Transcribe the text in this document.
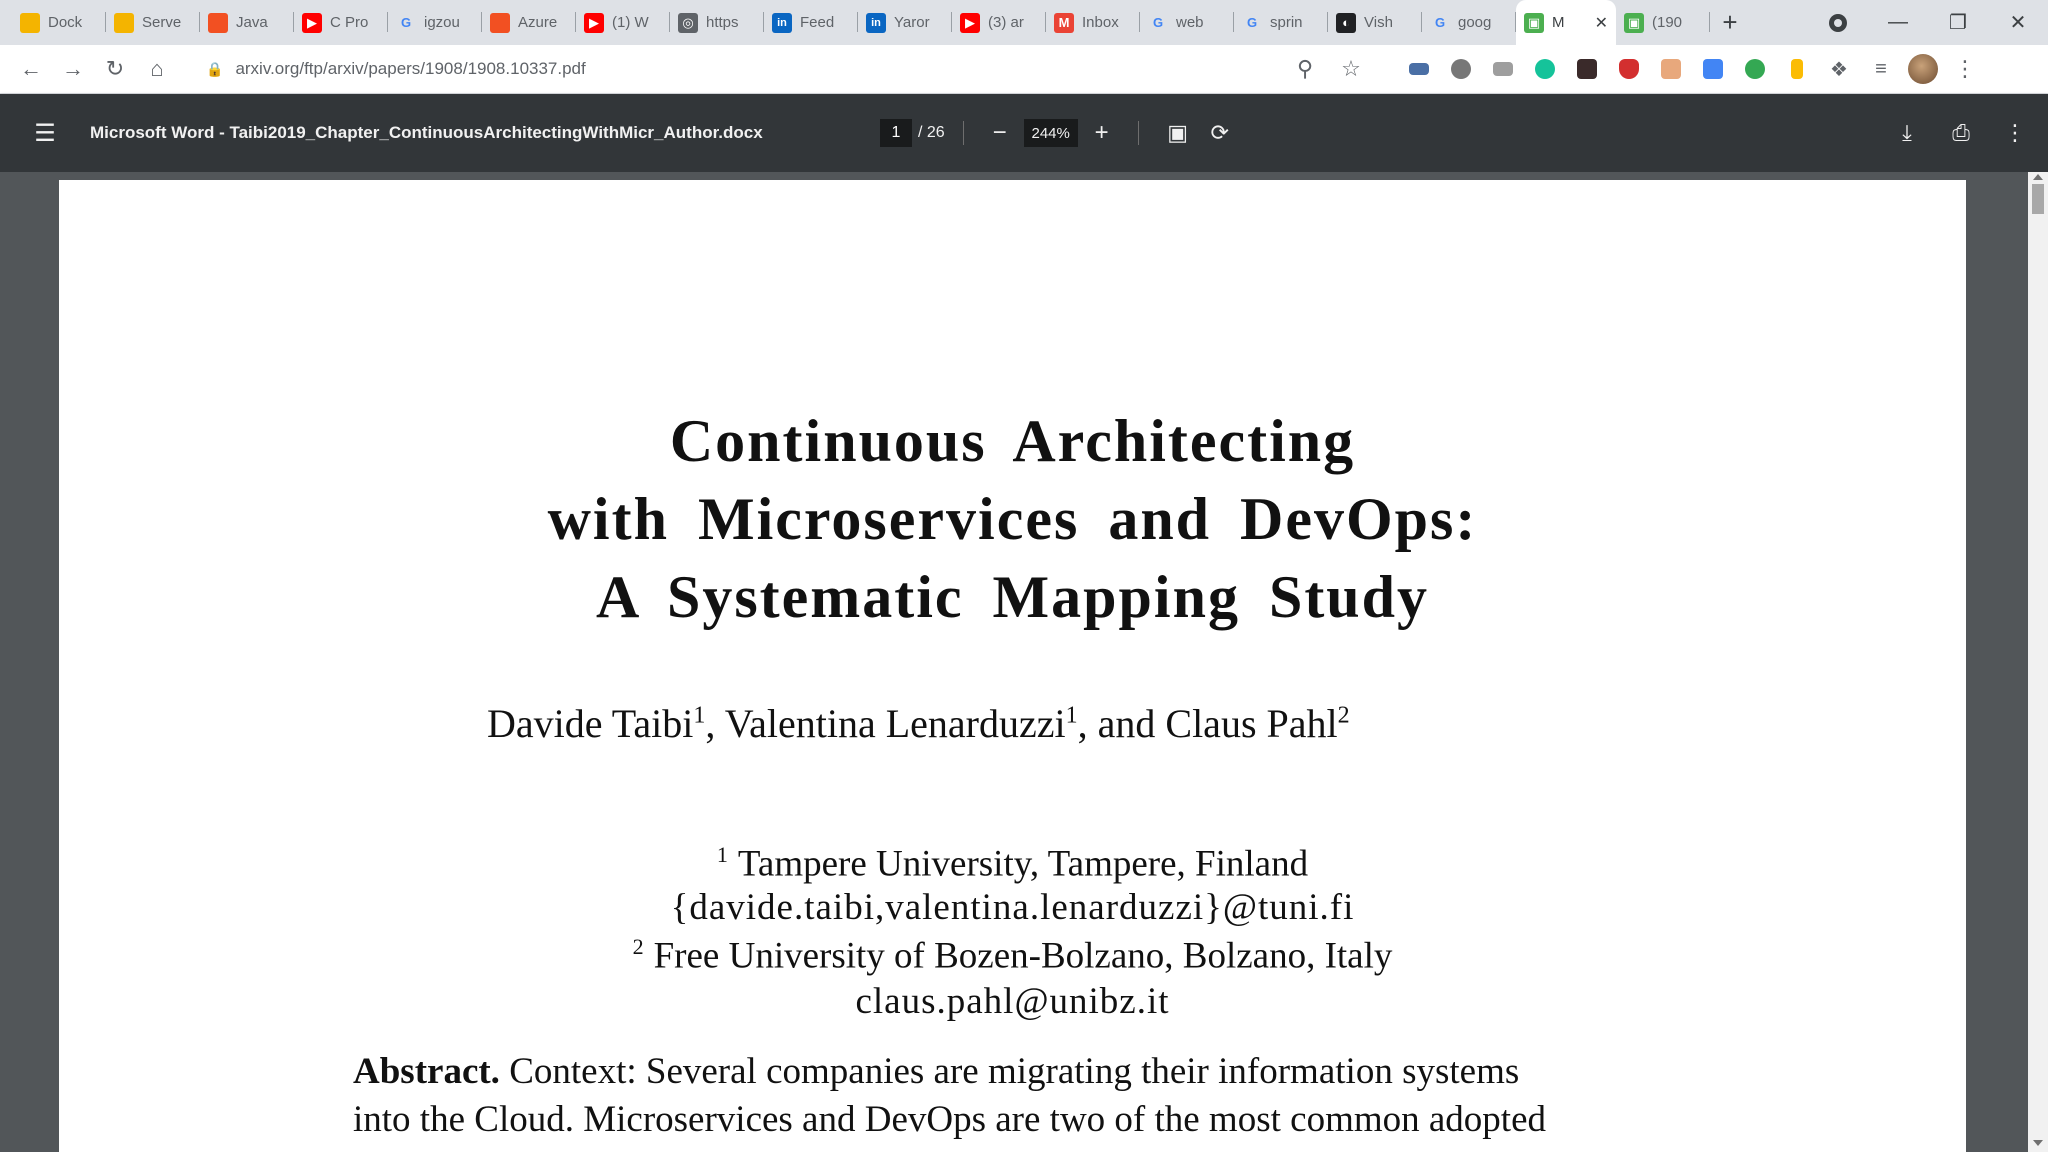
Dock	Serve	Java	▶ C Pro	G igzou	Azure	▶ (1) W	◎ https	in Feed	in Yaror	▶ (3) ar	M Inbox	G web	G sprin	◐ Vish	G goog	▣ M	✕ ▣ (190	+	—	❐	✕
← → ↻	⌂	🔒 arxiv.org/ftp/arxiv/papers/1908/1908.10337.pdf	⚲	☆	❖	≡	⋮
☰	Microsoft Word - Taibi2019_Chapter_ContinuousArchitectingWithMicr_Author.docx	1	/ 26	−	244%	+	▣	⟳	⤓	⎙	⋮
Continuous Architecting
with Microservices and DevOps:
A Systematic Mapping Study
Davide Taibi$^1$, Valentina Lenarduzzi$^1$, and Claus Pahl$^2$
$^1$ Tampere University, Tampere, Finland
{davide.taibi,valentina.lenarduzzi}@tuni.fi
$^2$ Free University of Bozen-Bolzano, Bolzano, Italy
claus.pahl@unibz.it
Abstract. Context: Several companies are migrating their information systems
into the Cloud. Microservices and DevOps are two of the most common adopted
